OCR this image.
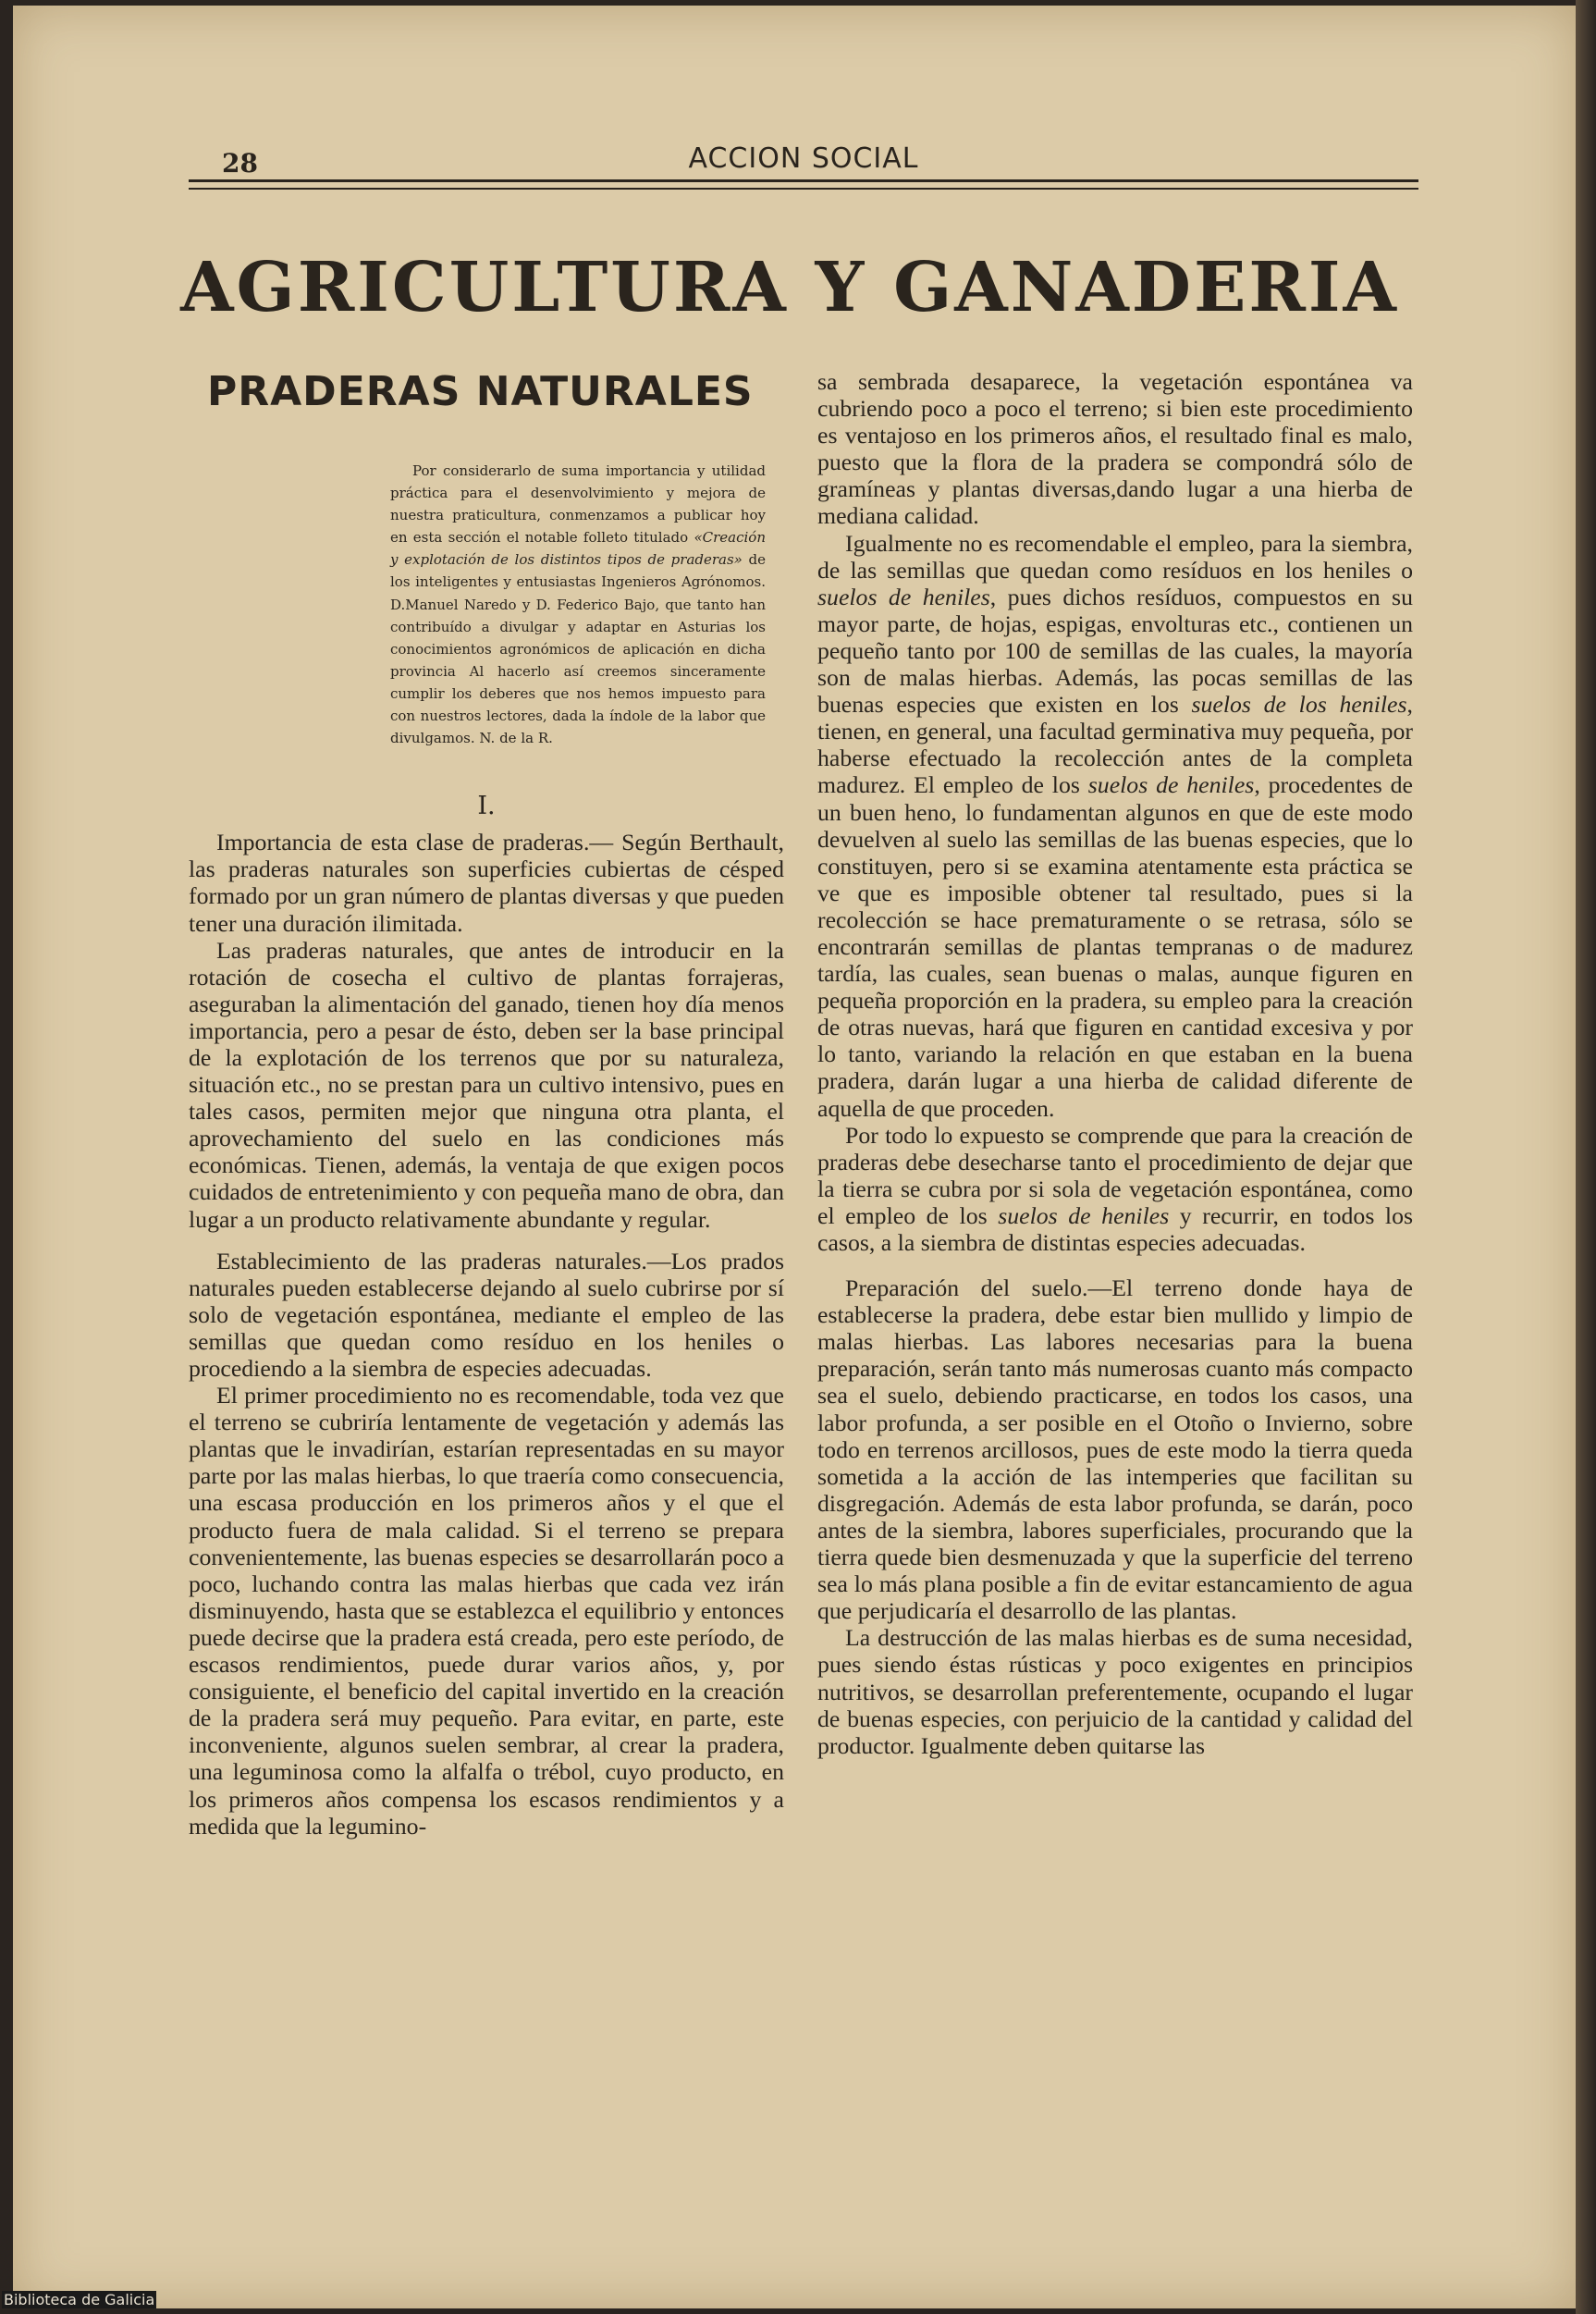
28	ACCION SOCIAL
AGRICULTURA Y GANADERIA
PRADERAS NATURALES
Por considerarlo de suma importancia y utilidad práctica para el desenvolvimiento y mejora de nuestra praticultura, conmenzamos a publicar hoy en esta sección el notable folleto titulado «Creación y explotación de los distintos tipos de praderas» de los inteligentes y entusiastas Ingenieros Agrónomos. D.Manuel Naredo y D. Federico Bajo, que tanto han contribuído a divulgar y adaptar en Asturias los conocimientos agronómicos de aplicación en dicha provincia Al hacerlo así creemos sinceramente cumplir los deberes que nos hemos impuesto para con nuestros lectores, dada la índole de la labor que divulgamos. N. de la R.
I.

Importancia de esta clase de praderas.— Según Berthault, las praderas naturales son superficies cubiertas de césped formado por un gran número de plantas diversas y que pueden tener una duración ilimitada.

Las praderas naturales, que antes de introducir en la rotación de cosecha el cultivo de plantas forrajeras, aseguraban la alimentación del ganado, tienen hoy día menos importancia, pero a pesar de ésto, deben ser la base principal de la explotación de los terrenos que por su naturaleza, situación etc., no se prestan para un cultivo intensivo, pues en tales casos, permiten mejor que ninguna otra planta, el aprovechamiento del suelo en las condiciones más económicas. Tienen, además, la ventaja de que exigen pocos cuidados de entretenimiento y con pequeña mano de obra, dan lugar a un producto relativamente abundante y regular.

Establecimiento de las praderas naturales.—Los prados naturales pueden establecerse dejando al suelo cubrirse por sí solo de vegetación espontánea, mediante el empleo de las semillas que quedan como resíduo en los heniles o procediendo a la siembra de especies adecuadas.

El primer procedimiento no es recomendable, toda vez que el terreno se cubriría lentamente de vegetación y además las plantas que le invadirían, estarían representadas en su mayor parte por las malas hierbas, lo que traería como consecuencia, una escasa producción en los primeros años y el que el producto fuera de mala calidad. Si el terreno se prepara convenientemente, las buenas especies se desarrollarán poco a poco, luchando contra las malas hierbas que cada vez irán disminuyendo, hasta que se establezca el equilibrio y entonces puede decirse que la pradera está creada, pero este período, de escasos rendimientos, puede durar varios años, y, por consiguiente, el beneficio del capital invertido en la creación de la pradera será muy pequeño. Para evitar, en parte, este inconveniente, algunos suelen sembrar, al crear la pradera, una leguminosa como la alfalfa o trébol, cuyo producto, en los primeros años compensa los escasos rendimientos y a medida que la legumino-

sa sembrada desaparece, la vegetación espontánea va cubriendo poco a poco el terreno; si bien este procedimiento es ventajoso en los primeros años, el resultado final es malo, puesto que la flora de la pradera se compondrá sólo de gramíneas y plantas diversas,dando lugar a una hierba de mediana calidad.

Igualmente no es recomendable el empleo, para la siembra, de las semillas que quedan como resíduos en los heniles o suelos de heniles, pues dichos resíduos, compuestos en su mayor parte, de hojas, espigas, envolturas etc., contienen un pequeño tanto por 100 de semillas de las cuales, la mayoría son de malas hierbas. Además, las pocas semillas de las buenas especies que existen en los suelos de los heniles, tienen, en general, una facultad germinativa muy pequeña, por haberse efectuado la recolección antes de la completa madurez. El empleo de los suelos de heniles, procedentes de un buen heno, lo fundamentan algunos en que de este modo devuelven al suelo las semillas de las buenas especies, que lo constituyen, pero si se examina atentamente esta práctica se ve que es imposible obtener tal resultado, pues si la recolección se hace prematuramente o se retrasa, sólo se encontrarán semillas de plantas tempranas o de madurez tardía, las cuales, sean buenas o malas, aunque figuren en pequeña proporción en la pradera, su empleo para la creación de otras nuevas, hará que figuren en cantidad excesiva y por lo tanto, variando la relación en que estaban en la buena pradera, darán lugar a una hierba de calidad diferente de aquella de que proceden.

Por todo lo expuesto se comprende que para la creación de praderas debe desecharse tanto el procedimiento de dejar que la tierra se cubra por si sola de vegetación espontánea, como el empleo de los suelos de heniles y recurrir, en todos los casos, a la siembra de distintas especies adecuadas.

Preparación del suelo.—El terreno donde haya de establecerse la pradera, debe estar bien mullido y limpio de malas hierbas. Las labores necesarias para la buena preparación, serán tanto más numerosas cuanto más compacto sea el suelo, debiendo practicarse, en todos los casos, una labor profunda, a ser posible en el Otoño o Invierno, sobre todo en terrenos arcillosos, pues de este modo la tierra queda sometida a la acción de las intemperies que facilitan su disgregación. Además de esta labor profunda, se darán, poco antes de la siembra, labores superficiales, procurando que la tierra quede bien desmenuzada y que la superficie del terreno sea lo más plana posible a fin de evitar estancamiento de agua que perjudicaría el desarrollo de las plantas.

La destrucción de las malas hierbas es de suma necesidad, pues siendo éstas rústicas y poco exigentes en principios nutritivos, se desarrollan preferentemente, ocupando el lugar de buenas especies, con perjuicio de la cantidad y calidad del productor. Igualmente deben quitarse las

Biblioteca de Galicia
